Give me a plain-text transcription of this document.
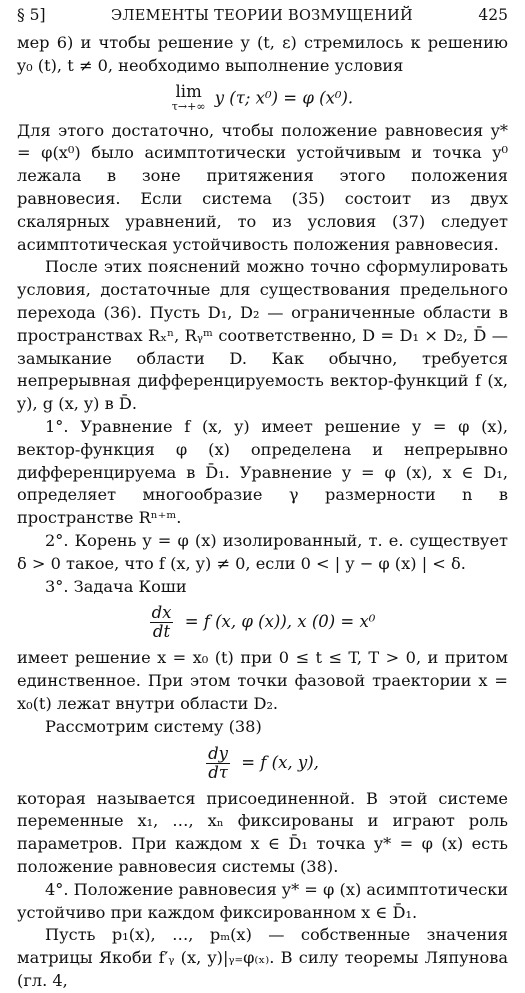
§ 5]	ЭЛЕМЕНТЫ ТЕОРИИ ВОЗМУЩЕНИЙ	425

мер 6) и чтобы решение y (t, ε) стремилось к решению y₀ (t), t ≠ 0, необходимо выполнение условия

lim
τ→+∞ y (τ; x⁰) = φ (x⁰).

Для этого достаточно, чтобы положение равновесия y* = φ(x⁰) было асимптотически устойчивым и точка y⁰ лежала в зоне притяжения этого положения равновесия. Если система (35) состоит из двух скалярных уравнений, то из условия (37) следует асимптотическая устойчивость положения равновесия.

После этих пояснений можно точно сформулировать условия, достаточные для существования предельного перехода (36). Пусть D₁, D₂ — ограниченные области в пространствах Rₓⁿ, Rᵧᵐ соответственно, D = D₁ × D₂, D̄ — замыкание области D. Как обычно, требуется непрерывная дифференцируемость вектор-функций f (x, y), g (x, y) в D̄.

1°. Уравнение f (x, y) имеет решение y = φ (x), вектор-функция φ (x) определена и непрерывно дифференцируема в D̄₁. Уравнение y = φ (x), x ∈ D₁, определяет многообразие γ размерности n в пространстве Rⁿ⁺ᵐ.

2°. Корень y = φ (x) изолированный, т. е. существует δ > 0 такое, что f (x, y) ≠ 0, если 0 < | y − φ (x) | < δ.

3°. Задача Коши

$\frac{dx}{dt} = f$ (x, φ (x)), x (0) = x⁰

имеет решение x = x₀ (t) при 0 ≤ t ≤ T, T > 0, и притом единственное. При этом точки фазовой траектории x = x₀(t) лежат внутри области D₂.

Рассмотрим систему (38)

$\frac{dy}{d\tau} = f$ (x, y),

которая называется присоединенной. В этой системе переменные x₁, …, xₙ фиксированы и играют роль параметров. При каждом x ∈ D̄₁ точка y* = φ (x) есть положение равновесия системы (38).

4°. Положение равновесия y* = φ (x) асимптотически устойчиво при каждом фиксированном x ∈ D̄₁.

Пусть p₁(x), …, pₘ(x) — собственные значения матрицы Якоби f′ᵧ (x, y)|ᵧ₌φ₍ₓ₎. В силу теоремы Ляпунова (гл. 4,
